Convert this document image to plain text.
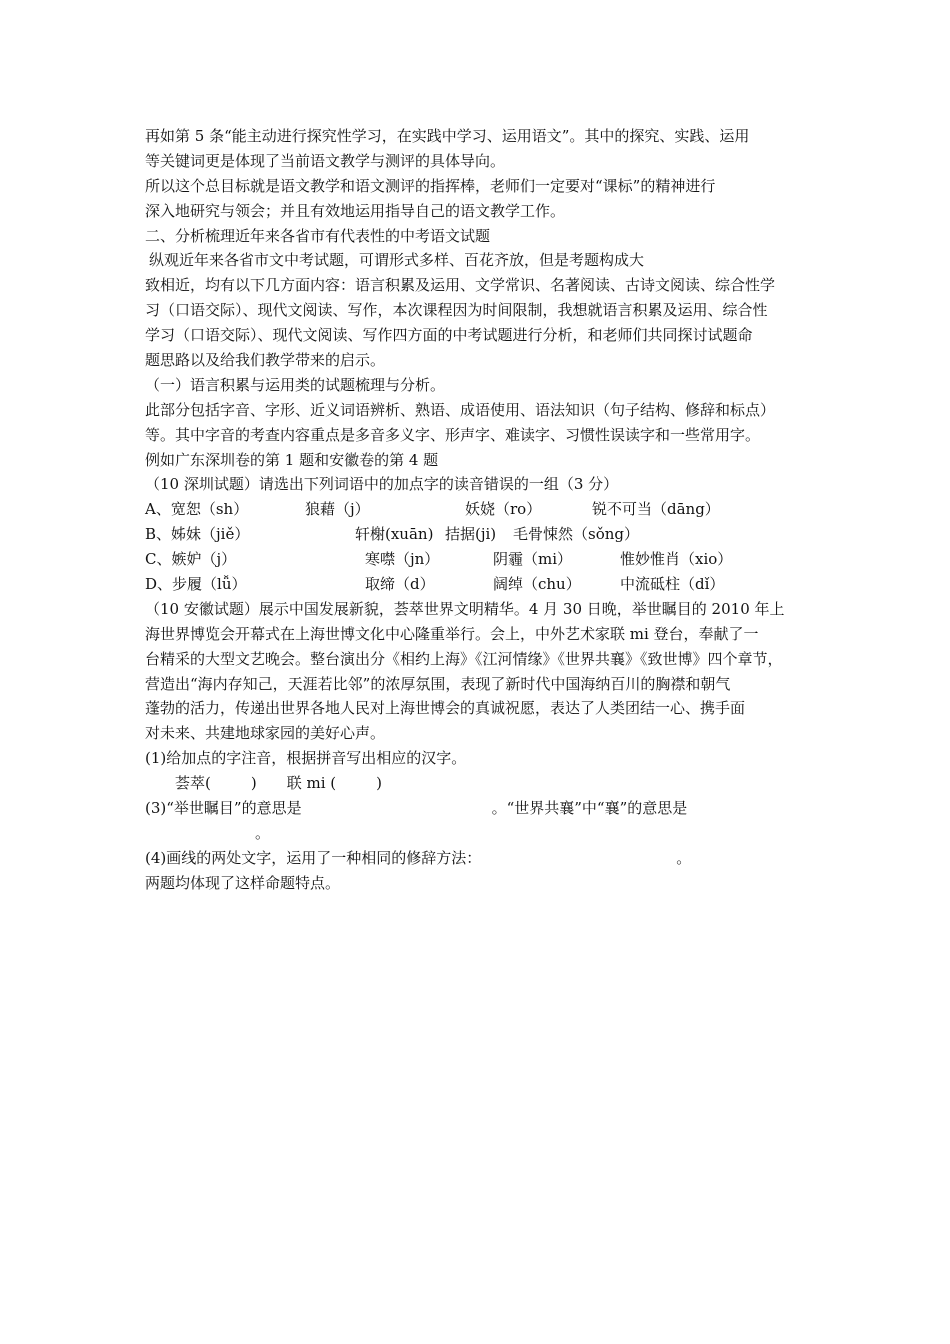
再如第 5 条“能主动进行探究性学习，在实践中学习、运用语文”。其中的探究、实践、运用
等关键词更是体现了当前语文教学与测评的具体导向。
所以这个总目标就是语文教学和语文测评的指挥棒，老师们一定要对“课标”的精神进行
深入地研究与领会；并且有效地运用指导自己的语文教学工作。
二、分析梳理近年来各省市有代表性的中考语文试题
纵观近年来各省市文中考试题，可谓形式多样、百花齐放，但是考题构成大
致相近，均有以下几方面内容：语言积累及运用、文学常识、名著阅读、古诗文阅读、综合性学
习（口语交际）、现代文阅读、写作，本次课程因为时间限制，我想就语言积累及运用、综合性
学习（口语交际）、现代文阅读、写作四方面的中考试题进行分析，和老师们共同探讨试题命
题思路以及给我们教学带来的启示。
（一）语言积累与运用类的试题梳理与分析。
此部分包括字音、字形、近义词语辨析、熟语、成语使用、语法知识（句子结构、修辞和标点）
等。其中字音的考查内容重点是多音多义字、形声字、难读字、习惯性误读字和一些常用字。
例如广东深圳卷的第 1 题和安徽卷的第 4 题
（10 深圳试题）请选出下列词语中的加点字的读音错误的一组（3 分）
A、宽恕（sh）	狼藉（j）	妖娆（ro）	锐不可当（dāng）
B、姊妹（jiě）	轩榭(xuān) 拮据(ji) 毛骨悚然（sǒng）
C、嫉妒（j）	寒噤（jn）	阴霾（mi）	惟妙惟肖（xio）
D、步履（lǚ）	取缔（d）	阔绰（chu）	中流砥柱（dǐ）
（10 安徽试题）展示中国发展新貌，荟萃世界文明精华。4 月 30 日晚，举世瞩目的 2010 年上
海世界博览会开幕式在上海世博文化中心隆重举行。会上，中外艺术家联 mi 登台，奉献了一
台精采的大型文艺晚会。整台演出分《相约上海》《江河情缘》《世界共襄》《致世博》四个章节，
营造出“海内存知己，天涯若比邻”的浓厚氛围，表现了新时代中国海纳百川的胸襟和朝气
蓬勃的活力，传递出世界各地人民对上海世博会的真诚祝愿，表达了人类团结一心、携手面
对未来、共建地球家园的美好心声。
(1)给加点的字注音，根据拼音写出相应的汉字。
荟萃(	) 联 mi (	)
(3)“举世瞩目”的意思是	。“世界共襄”中“襄”的意思是
。
(4)画线的两处文字，运用了一种相同的修辞方法：	。
两题均体现了这样命题特点。
